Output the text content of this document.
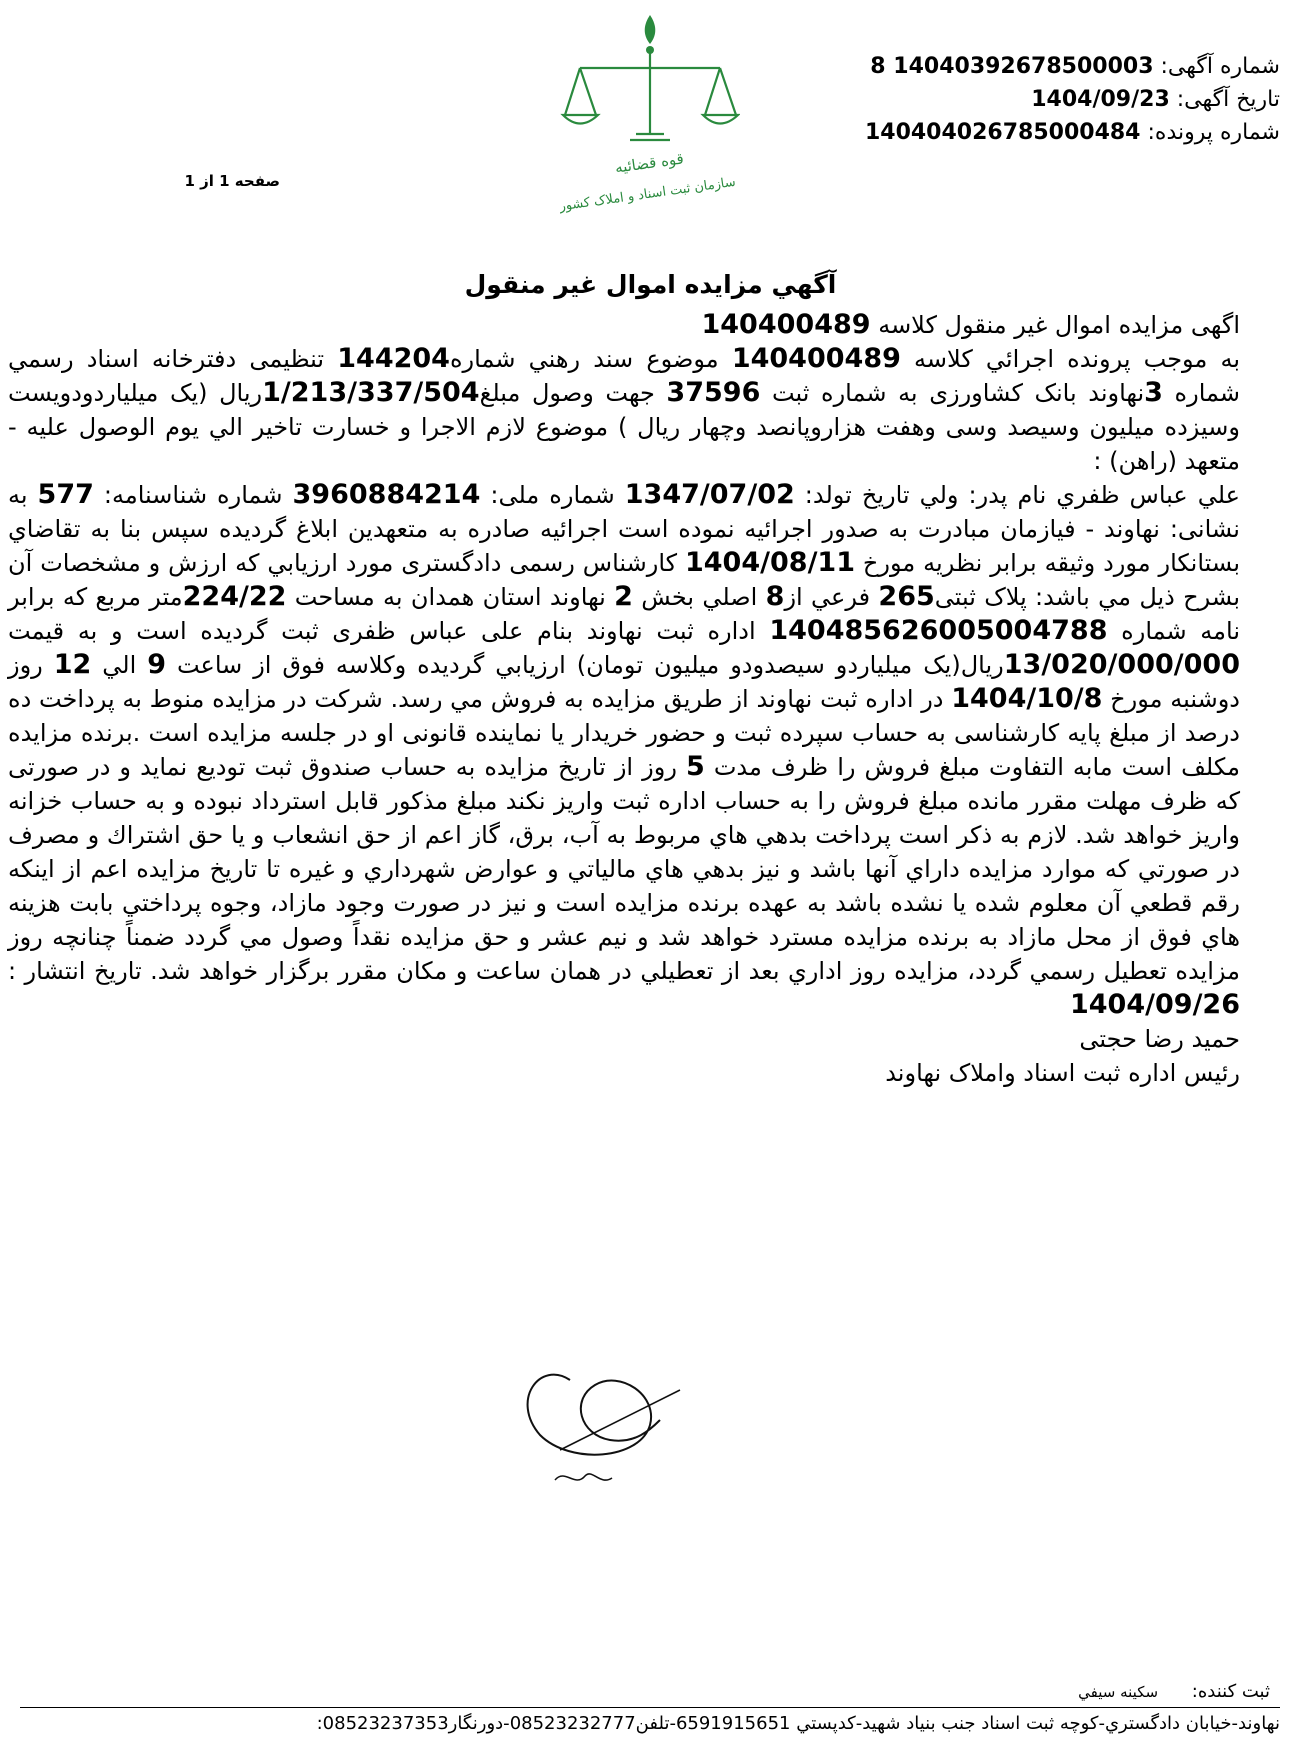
قوه قضائیه
سازمان ثبت اسناد و املاک کشور
شماره آگهی: 14040392678500003 8
تاریخ آگهی: 1404/09/23
شماره پرونده: 140404026785000484
صفحه 1 از 1
آگهي مزايده اموال غير منقول

اگهی مزایده اموال غیر منقول کلاسه 140400489

به موجب پرونده اجرائي كلاسه 140400489 موضوع سند رهني شماره144204 تنظيمی دفترخانه اسناد رسمي شماره 3نهاوند بانک کشاورزی به شماره ثبت 37596 جهت وصول مبلغ1/213/337/504ريال (یک میلیاردودویست وسیزده میلیون وسیصد وسی وهفت هزاروپانصد وچهار ريال ) موضوع لازم الاجرا و خسارت تاخير الي يوم الوصول عليه - متعهد (راهن) :

علي عباس ظفري نام پدر: ولي تاريخ تولد: 1347/07/02 شماره ملی: 3960884214 شماره شناسنامه: 577 به نشانی: نهاوند - فیازمان مبادرت به صدور اجرائيه نموده است اجرائيه صادره به متعهدين ابلاغ گرديده سپس بنا به تقاضاي بستانکار مورد وثيقه برابر نظريه مورخ 1404/08/11 کارشناس رسمی دادگستری مورد ارزيابي كه ارزش و مشخصات آن بشرح ذيل مي باشد: پلاک ثبتی265 فرعي از8 اصلي بخش 2 نهاوند استان همدان به مساحت 224/22متر مربع كه برابر نامه شماره 140485626005004788 اداره ثبت نهاوند بنام علی عباس ظفری ثبت گرديده است و به قيمت 13/020/000/000ريال(یک میلیاردو سیصدودو میلیون تومان) ارزيابي گرديده وكلاسه فوق از ساعت 9 الي 12 روز دوشنبه مورخ 1404/10/8 در اداره ثبت نهاوند از طريق مزايده به فروش مي رسد. شركت در مزايده منوط به پرداخت ده درصد از مبلغ پايه كارشناسی به حساب سپرده ثبت و حضور خريدار يا نماينده قانونی او در جلسه مزايده است .برنده مزايده مكلف است مابه التفاوت مبلغ فروش را ظرف مدت 5 روز از تاريخ مزايده به حساب صندوق ثبت توديع نمايد و در صورتی كه ظرف مهلت مقرر مانده مبلغ فروش را به حساب اداره ثبت واريز نكند مبلغ مذكور قابل استرداد نبوده و به حساب خزانه واريز خواهد شد. لازم به ذکر است پرداخت بدهي هاي مربوط به آب، برق، گاز اعم از حق انشعاب و يا حق اشتراك و مصرف در صورتي كه موارد مزايده داراي آنها باشد و نيز بدهي هاي مالياتي و عوارض شهرداري و غيره تا تاريخ مزايده اعم از اينكه رقم قطعي آن معلوم شده يا نشده باشد به عهده برنده مزايده است و نيز در صورت وجود مازاد، وجوه پرداختي بابت هزينه هاي فوق از محل مازاد به برنده مزايده مسترد خواهد شد و نيم عشر و حق مزايده نقداً وصول مي گردد ضمناً چنانچه روز مزايده تعطيل رسمي گردد، مزايده روز اداري بعد از تعطيلي در همان ساعت و مكان مقرر برگزار خواهد شد. تاريخ انتشار : 1404/09/26

حميد رضا حجتی

رئيس اداره ثبت اسناد واملاک نهاوند

ثبت کننده: سکینه سیفي
نهاوند-خيابان دادگستري-كوچه ثبت اسناد جنب بنياد شهيد-كدپستي 6591915651-تلفن08523232777-دورنگار08523237353:
